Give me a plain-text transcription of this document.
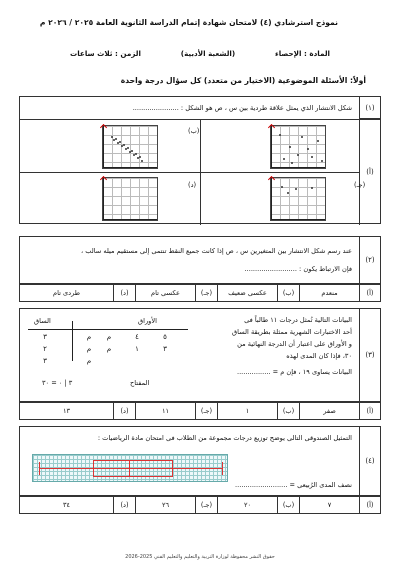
نموذج استرشادي (٤) لامتحان شهادة إتمام الدراسة الثانوية العامة ٢٠٢٥ / ٢٠٢٦ م
المادة : الإحصاء
(الشعبة الأدبية)
الزمن : ثلاث ساعات
أولاً: الأسئلة الموضوعية (الاختيار من متعدد) كل سؤال درجة واحدة
(١)
شكل الانتشار الذي يمثل علاقة طردية بين س ، ص هو الشكل : ......................
(أ)
(ب)
(د)	(جـ)
(٢)
عند رسم شكل الانتشار بين المتغيرين س ، ص إذا كانت جميع النقط تنتمى إلى مستقيم ميله سالب ،
فإن الارتباط يكون : .........................
(أ)
منعدم
(ب)
عكسى ضعيف
(جـ)
عكسى تام
(د)
طردى تام
(٣)
البيانات التالية تُمثل درجات ١١ طالباً فى
أحد الاختبارات الشهرية ممثلة بطريقة الساق
و الأوراق على اعتبار أن الدرجة النهائية من
٣٠، فإذا كان المدى لهذه
البيانات يساوى ١٩ ، فإن م = ................
الأوراق
الساق
٣	م	م	٤	٥
٢	م	م	١	٣
٣	م
المفتاح
٣ | ٠ = ٣٠
(أ)
صفر
(ب)
١
(جـ)
١١
(د)
١٣
(٤)
التمثيل الصندوقى التالى يوضح توزيع درجات مجموعة من الطلاب فى امتحان مادة الرياضيات :
نصف المدى الرُبيعى = .........................
(أ)
٧
(ب)
٢٠
(جـ)
٢٦
(د)
٣٤
حقوق النشر محفوظة لوزارة التربية والتعليم والتعليم الفني 2025-2026
